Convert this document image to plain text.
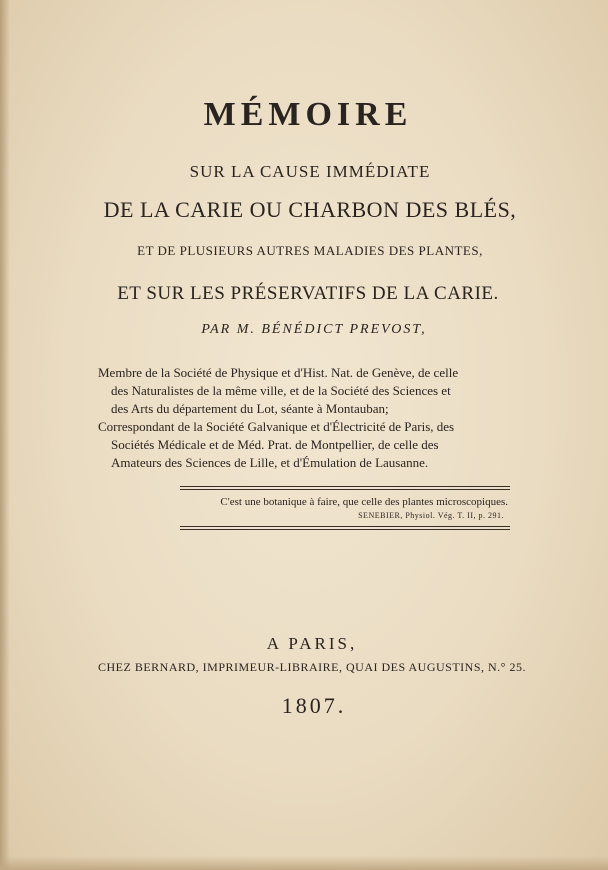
MÉMOIRE
SUR LA CAUSE IMMÉDIATE
DE LA CARIE OU CHARBON DES BLÉS,
ET DE PLUSIEURS AUTRES MALADIES DES PLANTES,
ET SUR LES PRÉSERVATIFS DE LA CARIE.
PAR M. BÉNÉDICT PREVOST,
Membre de la Société de Physique et d'Hist. Nat. de Genève, de celle
des Naturalistes de la même ville, et de la Société des Sciences et
des Arts du département du Lot, séante à Montauban;
Correspondant de la Société Galvanique et d'Électricité de Paris, des
Sociétés Médicale et de Méd. Prat. de Montpellier, de celle des
Amateurs des Sciences de Lille, et d'Émulation de Lausanne.
C'est une botanique à faire, que celle des plantes microscopiques.
SENEBIER, Physiol. Vég. T. II, p. 291.
A PARIS,
CHEZ BERNARD, IMPRIMEUR-LIBRAIRE, QUAI DES AUGUSTINS, N.° 25.
1807.
